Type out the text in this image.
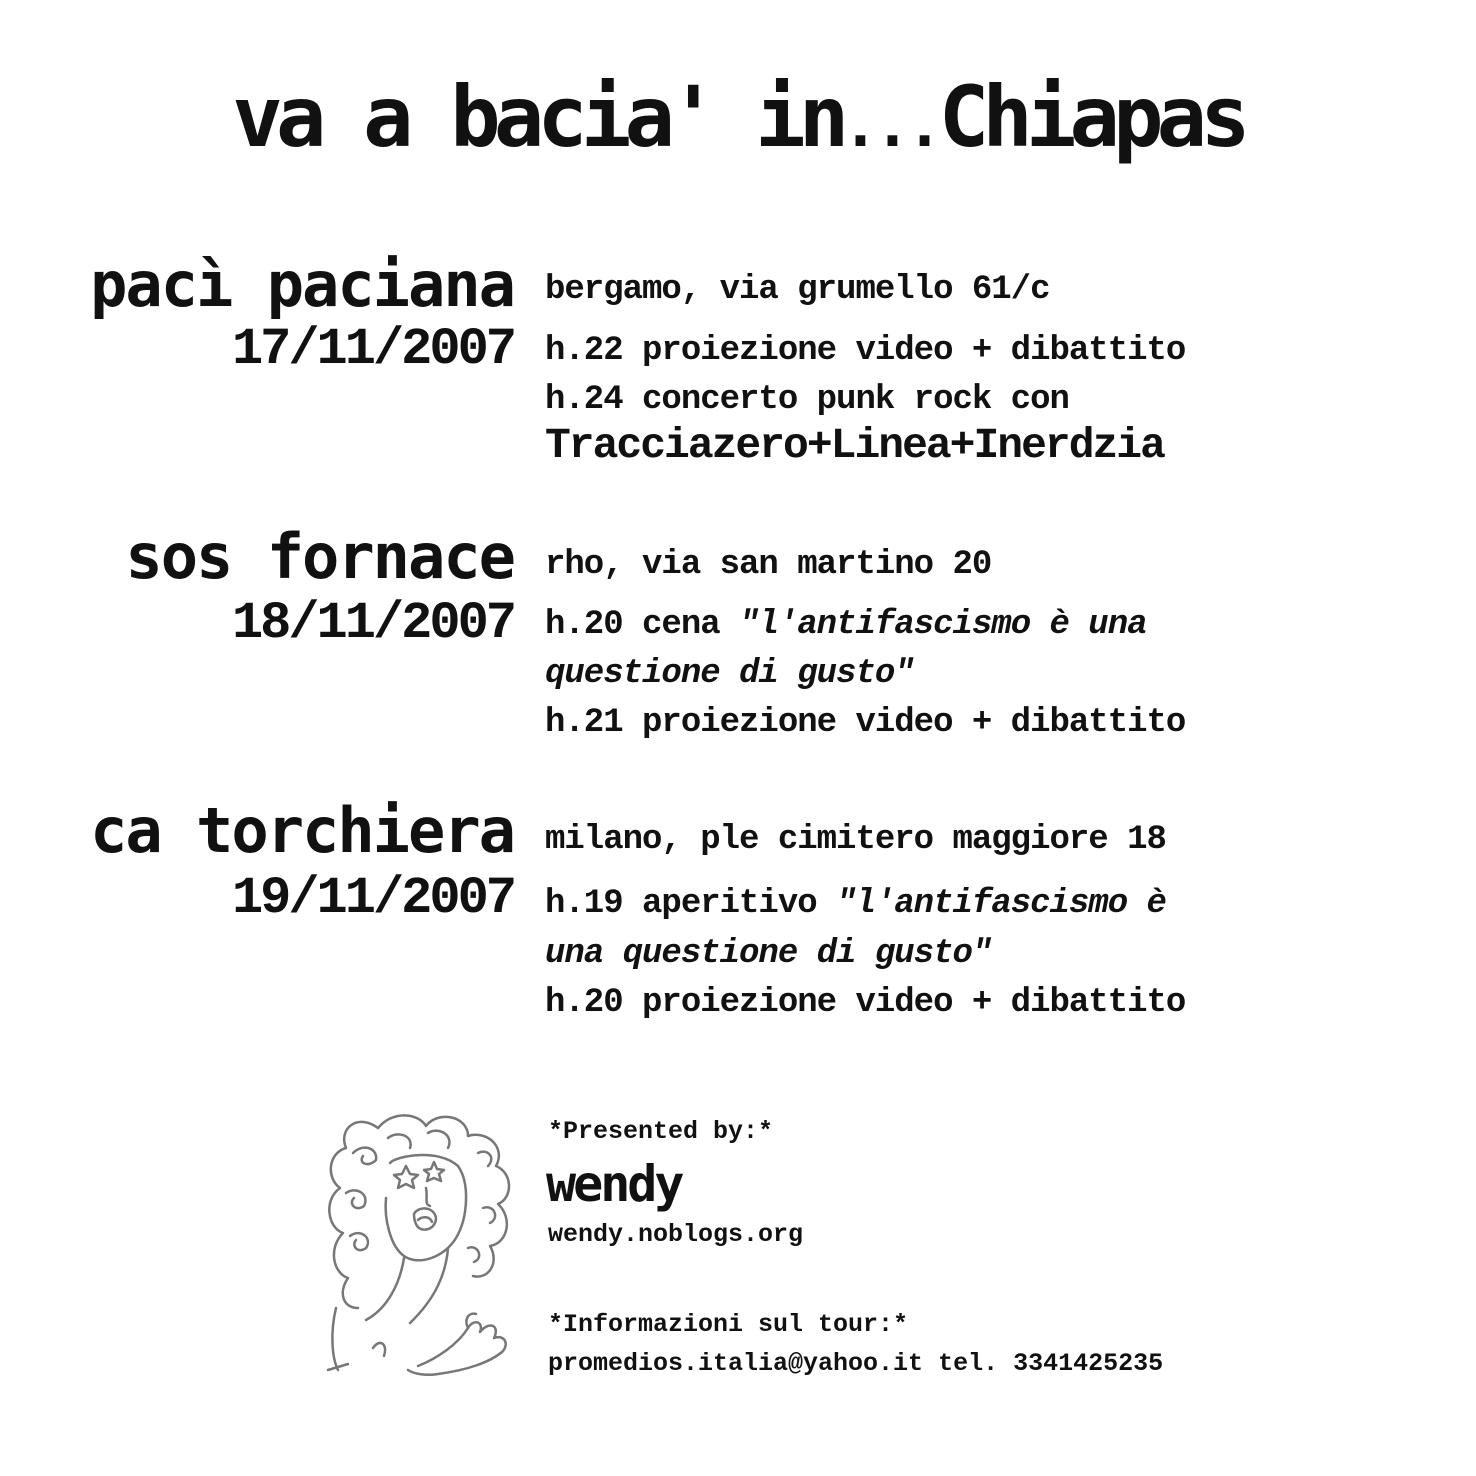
va a bacia' in...Chiapas
pacì paciana
17/11/2007
bergamo, via grumello 61/c
h.22 proiezione video + dibattito
h.24 concerto punk rock con
Tracciazero+Linea+Inerdzia
sos fornace
18/11/2007
rho, via san martino 20
h.20 cena "l'antifascismo è una
questione di gusto"
h.21 proiezione video + dibattito
ca torchiera
19/11/2007
milano, ple cimitero maggiore 18
h.19 aperitivo "l'antifascismo è
una questione di gusto"
h.20 proiezione video + dibattito
*Presented by:*
wendy
wendy.noblogs.org
*Informazioni sul tour:*
promedios.italia@yahoo.it tel. 3341425235
